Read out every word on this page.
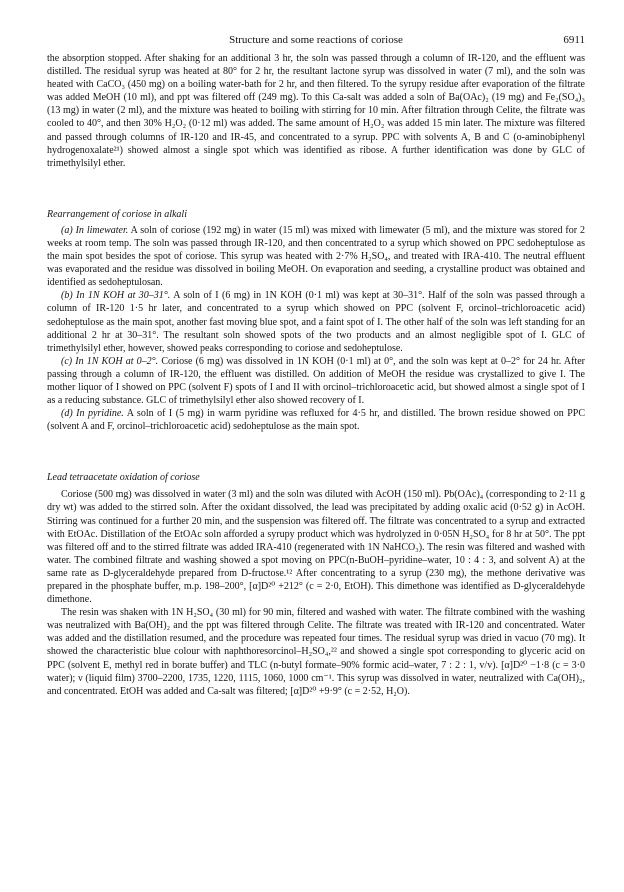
Structure and some reactions of coriose	6911

the absorption stopped. After shaking for an additional 3 hr, the soln was passed through a column of IR-120, and the effluent was distilled. The residual syrup was heated at 80° for 2 hr, the resultant lactone syrup was dissolved in water (7 ml), and the soln was heated with CaCO₃ (450 mg) on a boiling water-bath for 2 hr, and then filtered. To the syrupy residue after evaporation of the filtrate was added MeOH (10 ml), and ppt was filtered off (249 mg). To this Ca-salt was added a soln of Ba(OAc)₂ (19 mg) and Fe₂(SO₄)₃ (13 mg) in water (2 ml), and the mixture was heated to boiling with stirring for 10 min. After filtration through Celite, the filtrate was cooled to 40°, and then 30% H₂O₂ (0·12 ml) was added. The same amount of H₂O₂ was added 15 min later. The mixture was filtered and passed through columns of IR-120 and IR-45, and concentrated to a syrup. PPC with solvents A, B and C (o-aminobiphenyl hydrogenoxalate²¹) showed almost a single spot which was identified as ribose. A further identification was done by GLC of trimethylsilyl ether.

Rearrangement of coriose in alkali

(a) In limewater. A soln of coriose (192 mg) in water (15 ml) was mixed with limewater (5 ml), and the mixture was stored for 2 weeks at room temp. The soln was passed through IR-120, and then concentrated to a syrup which showed on PPC sedoheptulose as the main spot besides the spot of coriose. This syrup was heated with 2·7% H₂SO₄, and treated with IRA-410. The neutral effluent was evaporated and the residue was dissolved in boiling MeOH. On evaporation and seeding, a crystalline product was obtained and identified as sedoheptulosan.

(b) In 1N KOH at 30–31°. A soln of I (6 mg) in 1N KOH (0·1 ml) was kept at 30–31°. Half of the soln was passed through a column of IR-120 1·5 hr later, and concentrated to a syrup which showed on PPC (solvent F, orcinol–trichloroacetic acid) sedoheptulose as the main spot, another fast moving blue spot, and a faint spot of I. The other half of the soln was left standing for an additional 2 hr at 30–31°. The resultant soln showed spots of the two products and an almost negligible spot of I. GLC of trimethylsilyl ether, however, showed peaks corresponding to coriose and sedoheptulose.

(c) In 1N KOH at 0–2°. Coriose (6 mg) was dissolved in 1N KOH (0·1 ml) at 0°, and the soln was kept at 0–2° for 24 hr. After passing through a column of IR-120, the effluent was distilled. On addition of MeOH the residue was crystallized to give I. The mother liquor of I showed on PPC (solvent F) spots of I and II with orcinol–trichloroacetic acid, but showed almost a single spot of I as a reducing substance. GLC of trimethylsilyl ether also showed recovery of I.

(d) In pyridine. A soln of I (5 mg) in warm pyridine was refluxed for 4·5 hr, and distilled. The brown residue showed on PPC (solvent A and F, orcinol–trichloroacetic acid) sedoheptulose as the main spot.

Lead tetraacetate oxidation of coriose

Coriose (500 mg) was dissolved in water (3 ml) and the soln was diluted with AcOH (150 ml). Pb(OAc)₄ (corresponding to 2·11 g dry wt) was added to the stirred soln. After the oxidant dissolved, the lead was precipitated by adding oxalic acid (0·52 g) in AcOH. Stirring was continued for a further 20 min, and the suspension was filtered off. The filtrate was concentrated to a syrup and extracted with EtOAc. Distillation of the EtOAc soln afforded a syrupy product which was hydrolyzed in 0·05N H₂SO₄ for 8 hr at 50°. The ppt was filtered off and to the stirred filtrate was added IRA-410 (regenerated with 1N NaHCO₃). The resin was filtered and washed with water. The combined filtrate and washing showed a spot moving on PPC(n-BuOH–pyridine–water, 10 : 4 : 3, and solvent A) at the same rate as D-glyceraldehyde prepared from D-fructose.¹² After concentrating to a syrup (230 mg), the methone derivative was prepared in the phosphate buffer, m.p. 198–200°, [α]D²⁰ +212° (c = 2·0, EtOH). This dimethone was identified as D-glyceraldehyde dimethone.

The resin was shaken with 1N H₂SO₄ (30 ml) for 90 min, filtered and washed with water. The filtrate combined with the washing was neutralized with Ba(OH)₂ and the ppt was filtered through Celite. The filtrate was treated with IR-120 and concentrated. Water was added and the distillation resumed, and the procedure was repeated four times. The residual syrup was dried in vacuo (70 mg). It showed the characteristic blue colour with naphthoresorcinol–H₂SO₄,²² and showed a single spot corresponding to glyceric acid on PPC (solvent E, methyl red in borate buffer) and TLC (n-butyl formate–90% formic acid–water, 7 : 2 : 1, v/v). [α]D²⁰ −1·8 (c = 3·0 water); ν (liquid film) 3700–2200, 1735, 1220, 1115, 1060, 1000 cm⁻¹. This syrup was dissolved in water, neutralized with Ca(OH)₂, and concentrated. EtOH was added and Ca-salt was filtered; [α]D²⁰ +9·9° (c = 2·52, H₂O).
